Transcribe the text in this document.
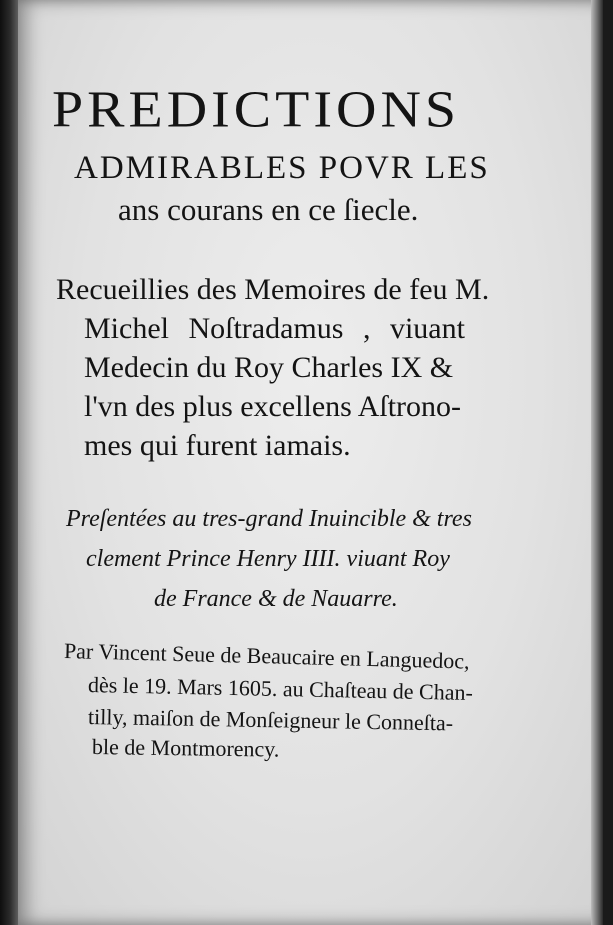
PREDICTIONS
ADMIRABLES POVR LES
ans courans en ce ſiecle.
Recueillies des Memoires de feu M.
Michel Noſtradamus , viuant
Medecin du Roy Charles IX &
l'vn des plus excellens Aſtrono-
mes qui furent iamais.
Preſentées au tres-grand Inuincible & tres
clement Prince Henry IIII. viuant Roy
de France & de Nauarre.
Par Vincent Seue de Beaucaire en Languedoc,
dès le 19. Mars 1605. au Chaſteau de Chan-
tilly, maiſon de Monſeigneur le Conneſta-
ble de Montmorency.
